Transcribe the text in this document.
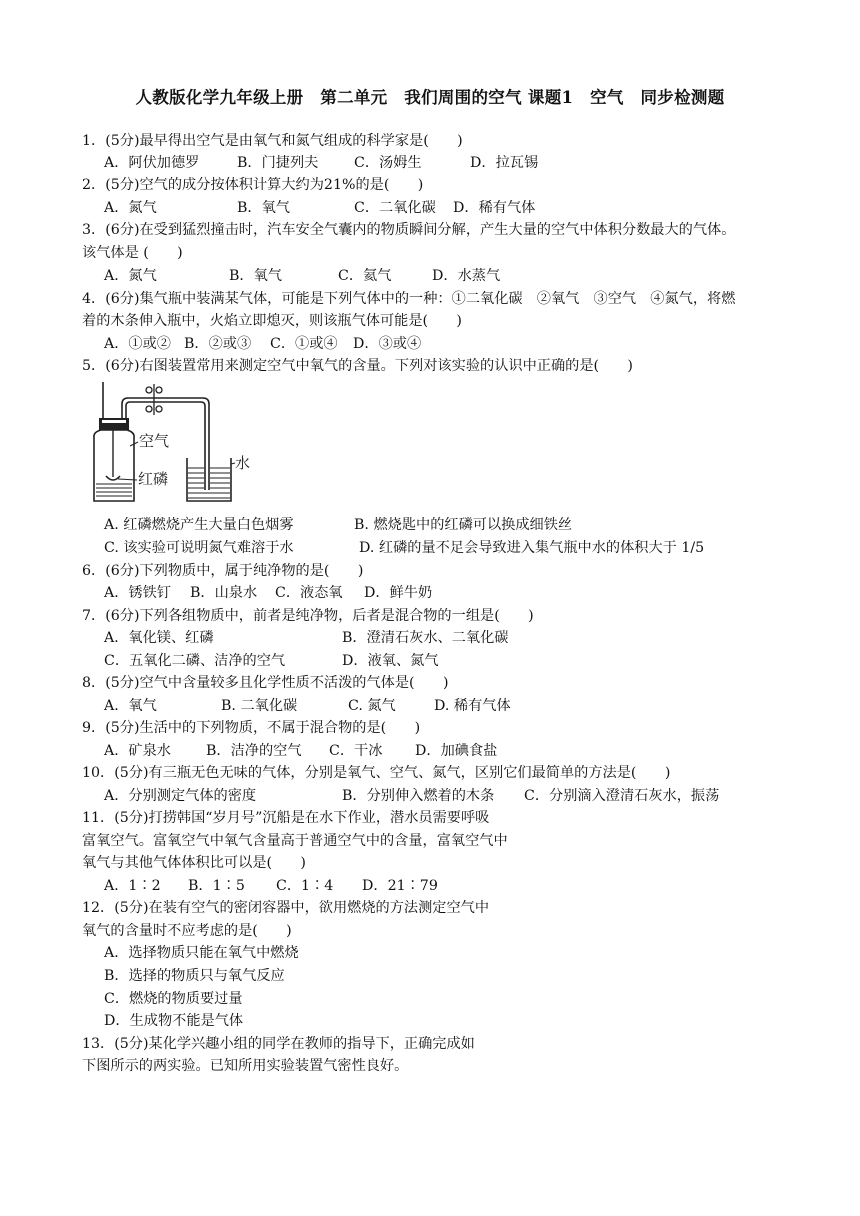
人教版化学九年级上册　第二单元　我们周围的空气 课题1　空气　同步检测题
1．(5分)最早得出空气是由氧气和氮气组成的科学家是(　　)
A．阿伏加德罗	B．门捷列夫	C．汤姆生	D．拉瓦锡
2．(5分)空气的成分按体积计算大约为21%的是(　　)
A．氮气	B．氧气	C．二氧化碳 D．稀有气体
3．(6分)在受到猛烈撞击时，汽车安全气囊内的物质瞬间分解，产生大量的空气中体积分数最大的气体。
该气体是 (　　)
A．氮气	B．氧气	C．氦气	D．水蒸气
4．(6分)集气瓶中装满某气体，可能是下列气体中的一种：①二氧化碳　②氧气　③空气　④氮气，将燃
着的木条伸入瓶中，火焰立即熄灭，则该瓶气体可能是(　　)
A．①或② B．②或③ C．①或④ D．③或④
5．(6分)右图装置常用来测定空气中氧气的含量。下列对该实验的认识中正确的是(　　)
空气
红磷
水
A. 红磷燃烧产生大量白色烟雾	B. 燃烧匙中的红磷可以换成细铁丝
C. 该实验可说明氮气难溶于水	D. 红磷的量不足会导致进入集气瓶中水的体积大于 1/5
6．(6分)下列物质中，属于纯净物的是(　　)
A．锈铁钉 B．山泉水 C．液态氧 D．鲜牛奶
7．(6分)下列各组物质中，前者是纯净物，后者是混合物的一组是(　　)
A．氧化镁、红磷	B．澄清石灰水、二氧化碳
C．五氧化二磷、洁净的空气	D．液氧、氮气
8．(5分)空气中含量较多且化学性质不活泼的气体是(　　)
A．氧气	B. 二氧化碳	C. 氮气	D. 稀有气体
9．(5分)生活中的下列物质，不属于混合物的是(　　)
A．矿泉水 B．洁净的空气 C．干冰 D．加碘食盐
10．(5分)有三瓶无色无味的气体，分别是氧气、空气、氮气，区别它们最简单的方法是(　　)
A．分别测定气体的密度	B．分别伸入燃着的木条 C．分别滴入澄清石灰水，振荡
11．(5分)打捞韩国“岁月号”沉船是在水下作业，潜水员需要呼吸
富氧空气。富氧空气中氧气含量高于普通空气中的含量，富氧空气中
氧气与其他气体体积比可以是(　　)
A．1∶2 B．1∶5 C．1∶4 D．21∶79
12．(5分)在装有空气的密闭容器中，欲用燃烧的方法测定空气中
氧气的含量时不应考虑的是(　　)
A．选择物质只能在氧气中燃烧
B．选择的物质只与氧气反应
C．燃烧的物质要过量
D．生成物不能是气体
13．(5分)某化学兴趣小组的同学在教师的指导下，正确完成如
下图所示的两实验。已知所用实验装置气密性良好。
